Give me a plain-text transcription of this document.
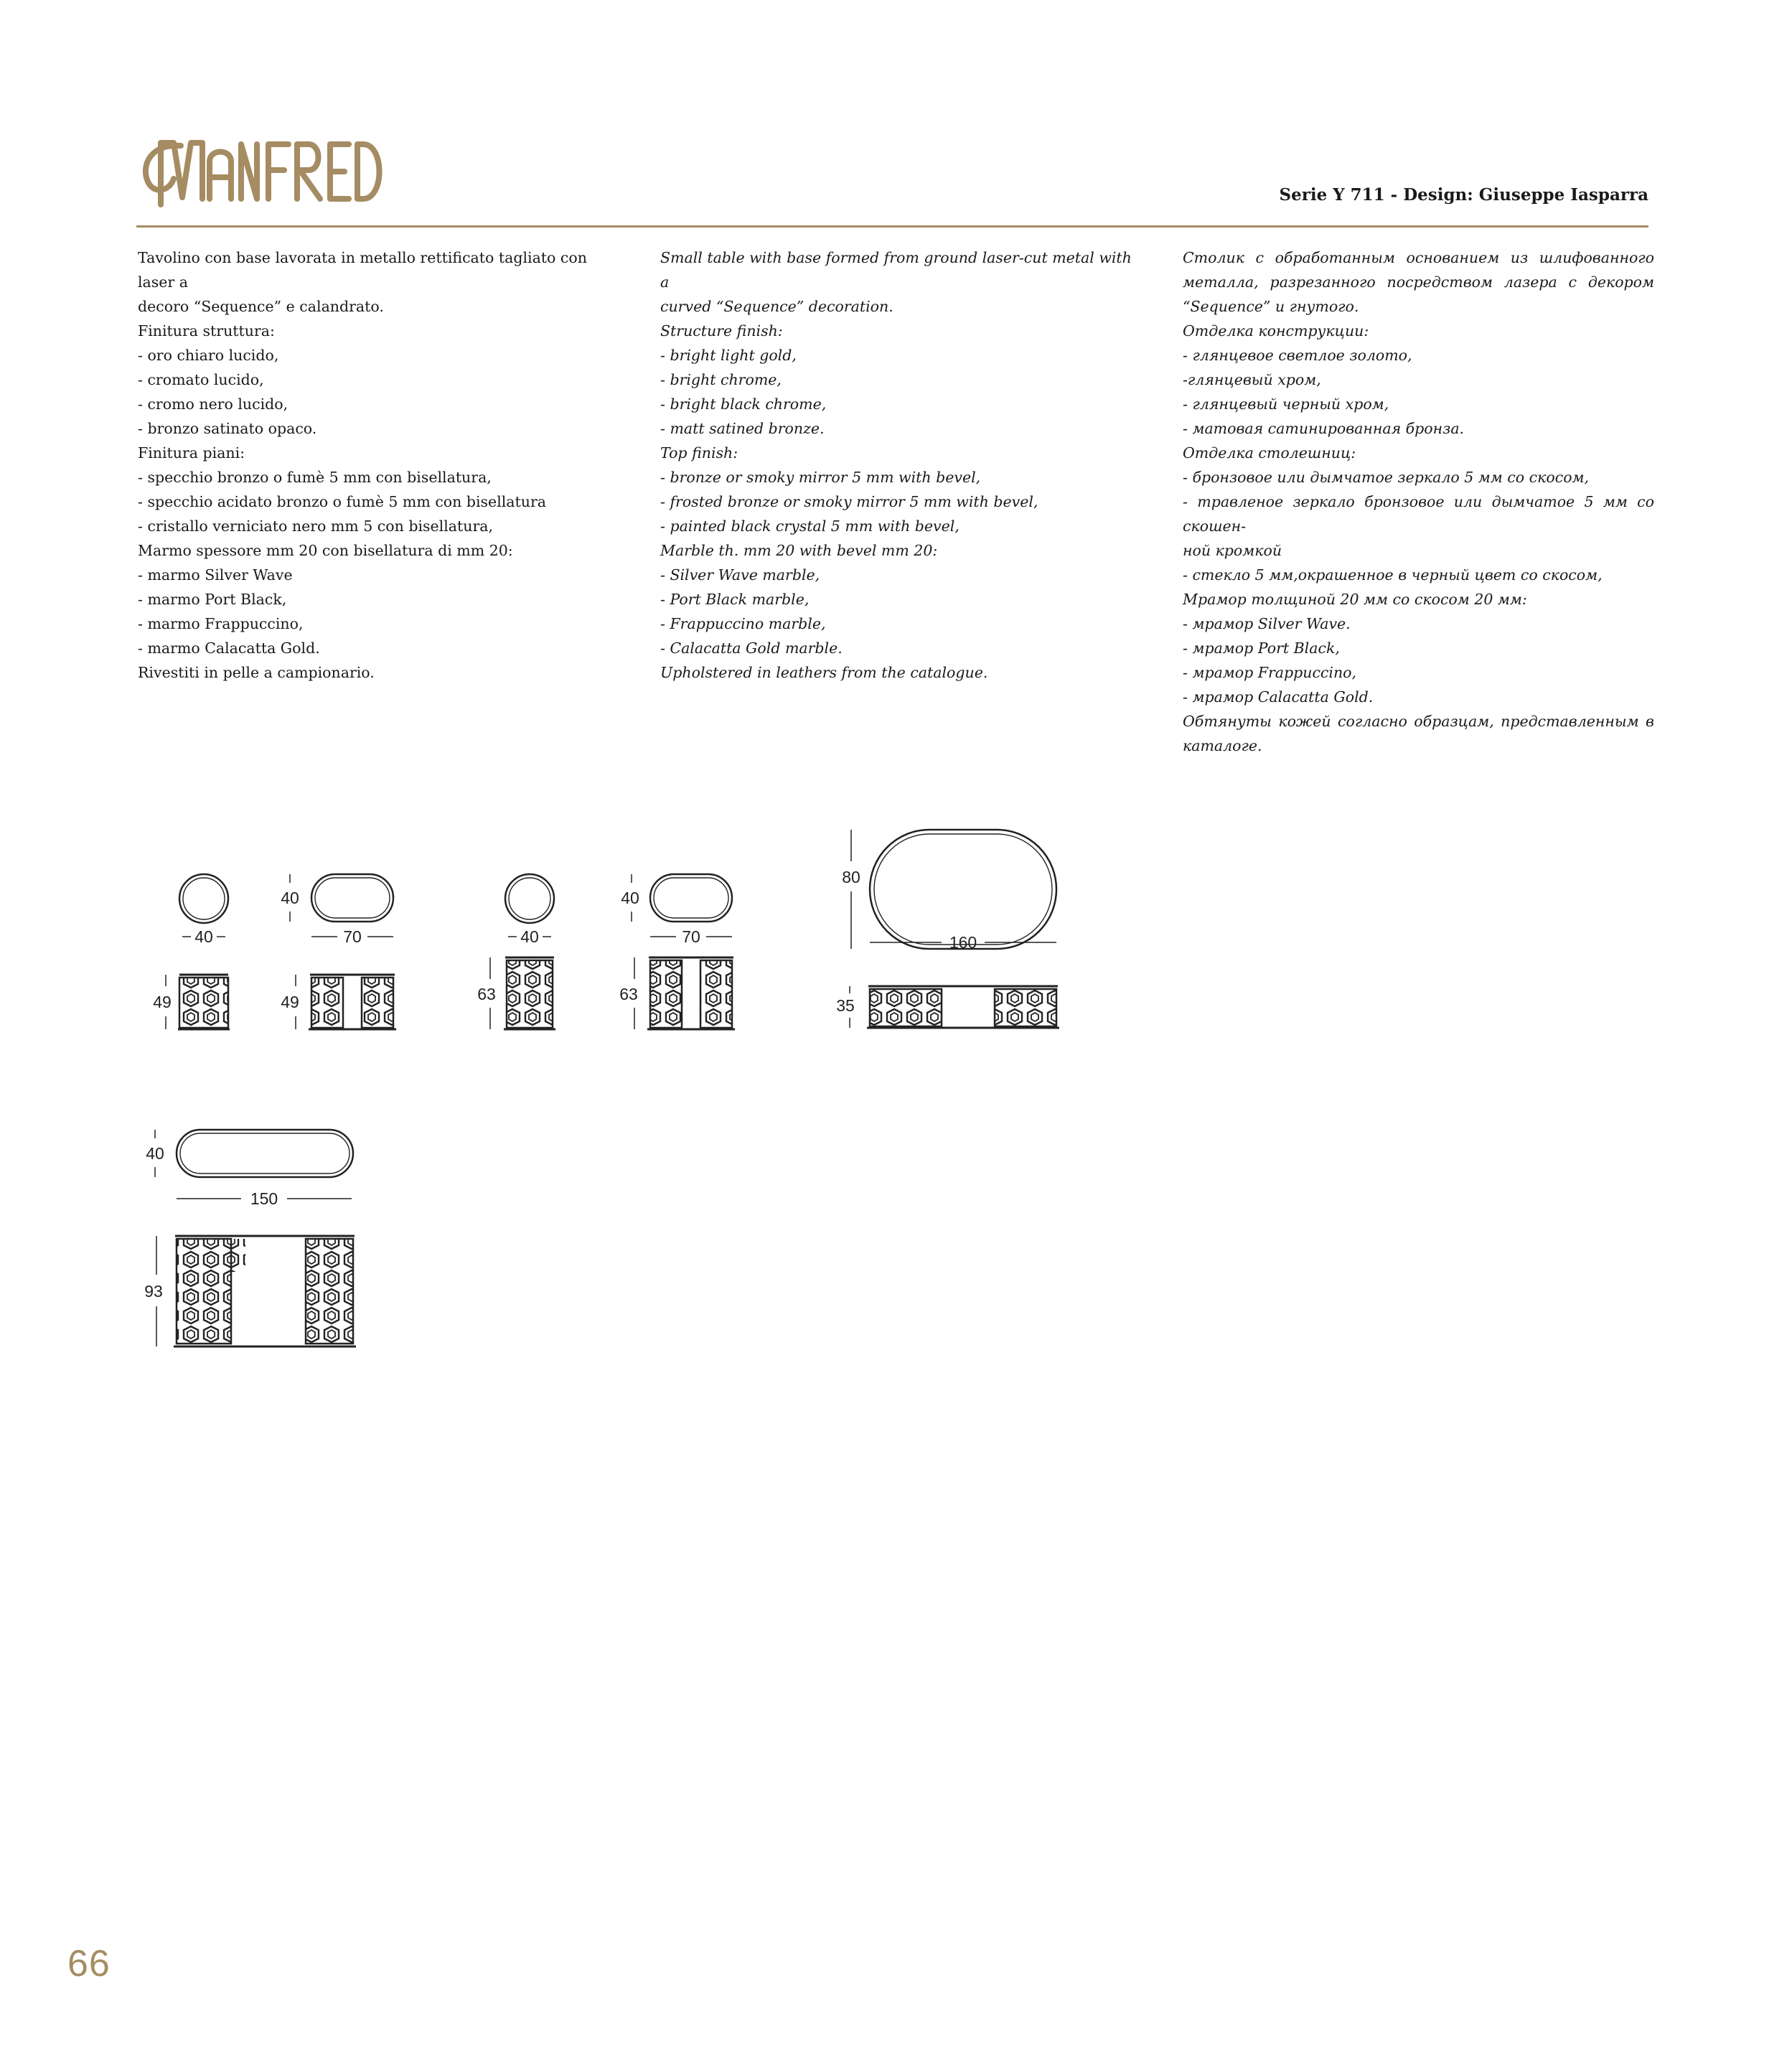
Serie Y 711 - Design: Giuseppe Iasparra

Tavolino con base lavorata in metallo rettificato tagliato con laser a

decoro “Sequence” e calandrato.

Finitura struttura:

- oro chiaro lucido,

- cromato lucido,

- cromo nero lucido,

- bronzo satinato opaco.

Finitura piani:

- specchio bronzo o fumè 5 mm con bisellatura,

- specchio acidato bronzo o fumè 5 mm con bisellatura

- cristallo verniciato nero mm 5 con bisellatura,

Marmo spessore mm 20 con bisellatura di mm 20:

- marmo Silver Wave

- marmo Port Black,

- marmo Frappuccino,

- marmo Calacatta Gold.

Rivestiti in pelle a campionario.

Small table with base formed from ground laser-cut metal with a

curved “Sequence” decoration.

Structure finish:

- bright light gold,

- bright chrome,

- bright black chrome,

- matt satined bronze.

Top finish:

- bronze or smoky mirror 5 mm with bevel,

- frosted bronze or smoky mirror 5 mm with bevel,

- painted black crystal 5 mm with bevel,

Marble th. mm 20 with bevel mm 20:

- Silver Wave marble,

- Port Black marble,

- Frappuccino marble,

- Calacatta Gold marble.

Upholstered in leathers from the catalogue.

Столик с обработанным основанием из шлифованного

металла, разрезанного посредством лазера с декором

“Sequence” и гнутого.

Отделка конструкции:

- глянцевое светлое золото,

-глянцевый хром,

- глянцевый черный хром,

- матовая сатинированная бронза.

Отделка столешниц:

- бронзовое или дымчатое зеркало 5 мм со скосом,

- травленое зеркало бронзовое или дымчатое 5 мм со скошен-

ной кромкой

- стекло 5 мм,окрашенное в черный цвет со скосом,

Мрамор толщиной 20 мм со скосом 20 мм:

- мрамор Silver Wave.

- мрамор Port Black,

- мрамор Frappuccino,

- мрамор Calacatta Gold.

Обтянуты кожей согласно образцам, представленным в

каталоге.

40
49
40
70
49
40
63
40
70
63
80
160
35
40
150
93
66
